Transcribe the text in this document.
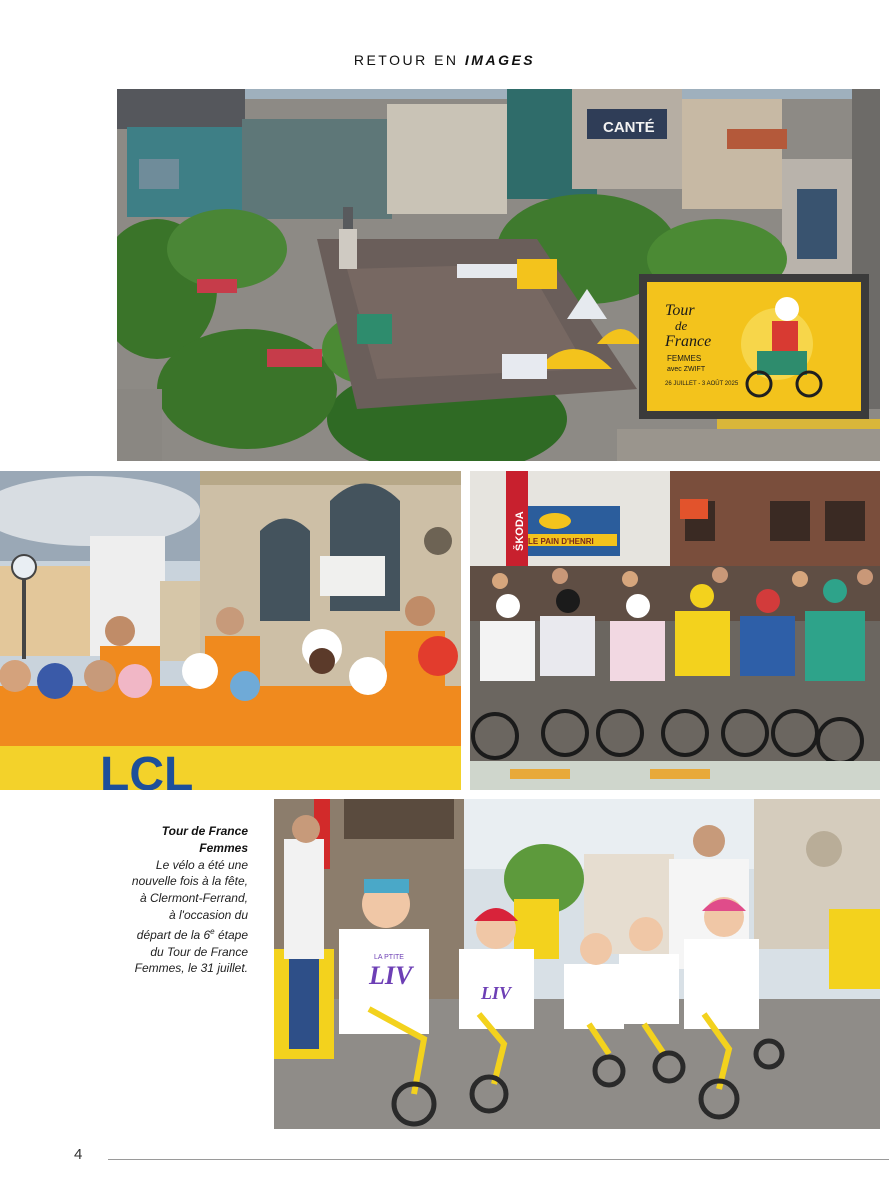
RETOUR EN IMAGES
CANTÉ
Tour
de
France
FEMMES
avec ZWIFT
26 JUILLET - 3 AOÛT 2025
LCL
LE PAIN D'HENRI
ŠKODA
LIV
LA PTITE
LIV
Tour de France
Femmes
Le vélo a été une
nouvelle fois à la fête,
à Clermont-Ferrand,
à l'occasion du
départ de la 6e étape
du Tour de France
Femmes, le 31 juillet.
4
